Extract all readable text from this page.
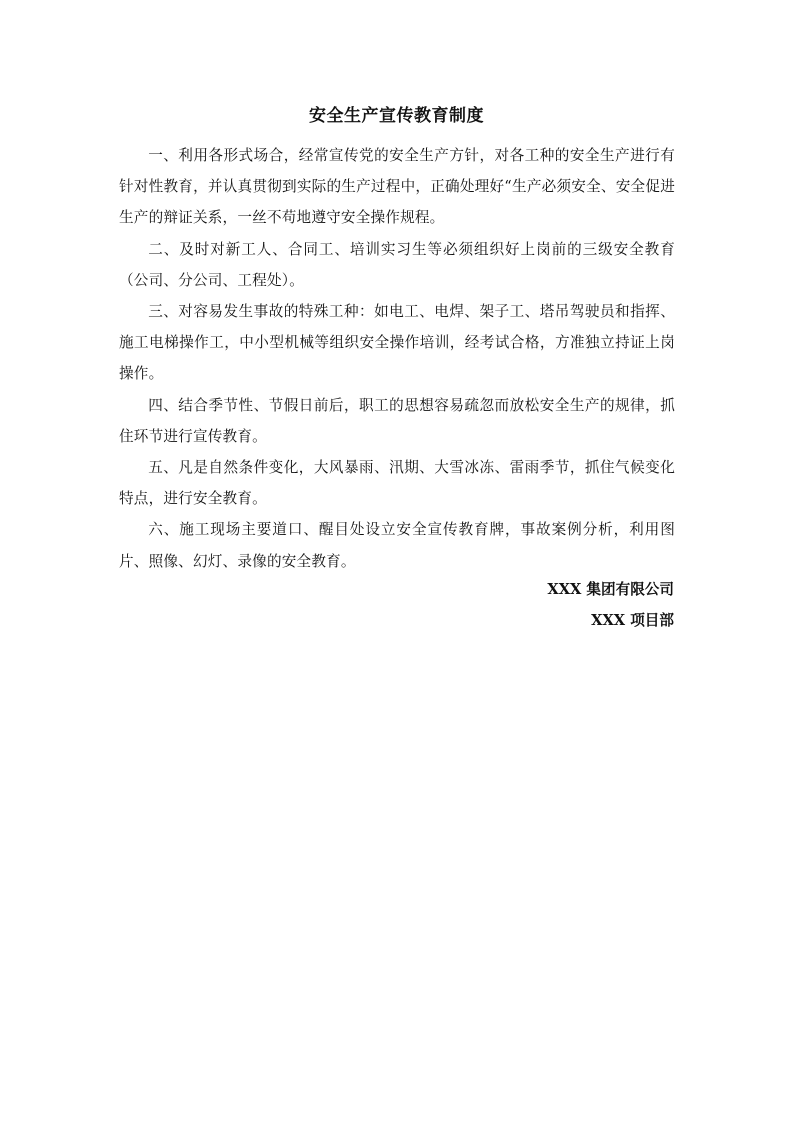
安全生产宣传教育制度

一、利用各形式场合，经常宣传党的安全生产方针，对各工种的安全生产进行有针对性教育，并认真贯彻到实际的生产过程中，正确处理好“生产必须安全、安全促进生产的辩证关系，一丝不苟地遵守安全操作规程。

二、及时对新工人、合同工、培训实习生等必须组织好上岗前的三级安全教育（公司、分公司、工程处）。

三、对容易发生事故的特殊工种：如电工、电焊、架子工、塔吊驾驶员和指挥、施工电梯操作工，中小型机械等组织安全操作培训，经考试合格，方准独立持证上岗操作。

四、结合季节性、节假日前后，职工的思想容易疏忽而放松安全生产的规律，抓住环节进行宣传教育。

五、凡是自然条件变化，大风暴雨、汛期、大雪冰冻、雷雨季节，抓住气候变化特点，进行安全教育。

六、施工现场主要道口、醒目处设立安全宣传教育牌，事故案例分析，利用图片、照像、幻灯、录像的安全教育。

XXX 集团有限公司
XXX 项目部
